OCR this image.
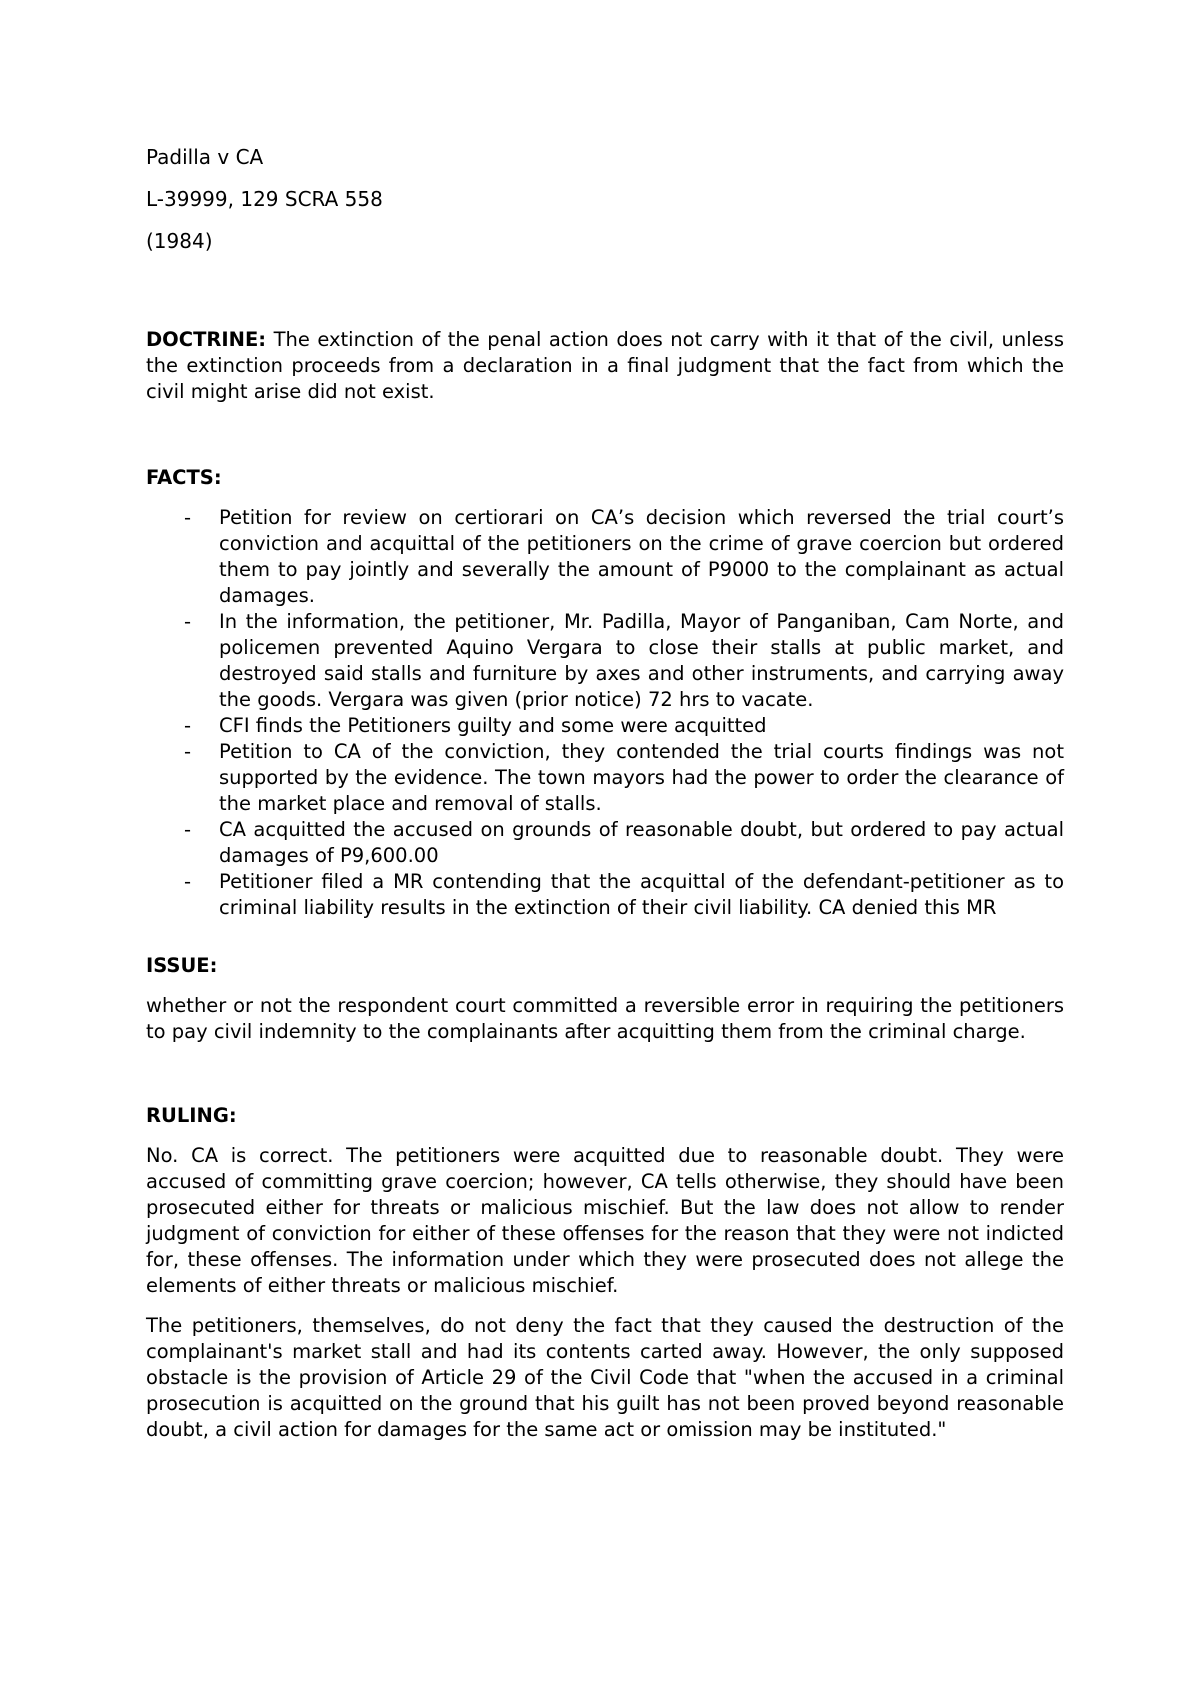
Padilla v CA

L-39999, 129 SCRA 558

(1984)

DOCTRINE: The extinction of the penal action does not carry with it that of the civil, unless the extinction proceeds from a declaration in a final judgment that the fact from which the civil might arise did not exist.

FACTS:

- Petition for review on certiorari on CA’s decision which reversed the trial court’s conviction and acquittal of the petitioners on the crime of grave coercion but ordered them to pay jointly and severally the amount of P9000 to the complainant as actual damages.
- In the information, the petitioner, Mr. Padilla, Mayor of Panganiban, Cam Norte, and policemen prevented Aquino Vergara to close their stalls at public market, and destroyed said stalls and furniture by axes and other instruments, and carrying away the goods. Vergara was given (prior notice) 72 hrs to vacate.
- CFI finds the Petitioners guilty and some were acquitted
- Petition to CA of the conviction, they contended the trial courts findings was not supported by the evidence. The town mayors had the power to order the clearance of the market place and removal of stalls.
- CA acquitted the accused on grounds of reasonable doubt, but ordered to pay actual damages of P9,600.00
- Petitioner filed a MR contending that the acquittal of the defendant-petitioner as to criminal liability results in the extinction of their civil liability. CA denied this MR

ISSUE:

whether or not the respondent court committed a reversible error in requiring the petitioners to pay civil indemnity to the complainants after acquitting them from the criminal charge.

RULING:

No. CA is correct. The petitioners were acquitted due to reasonable doubt. They were accused of committing grave coercion; however, CA tells otherwise, they should have been prosecuted either for threats or malicious mischief. But the law does not allow to render judgment of conviction for either of these offenses for the reason that they were not indicted for, these offenses. The information under which they were prosecuted does not allege the elements of either threats or malicious mischief.

The petitioners, themselves, do not deny the fact that they caused the destruction of the complainant's market stall and had its contents carted away. However, the only supposed obstacle is the provision of Article 29 of the Civil Code that "when the accused in a criminal prosecution is acquitted on the ground that his guilt has not been proved beyond reasonable doubt, a civil action for damages for the same act or omission may be instituted."
